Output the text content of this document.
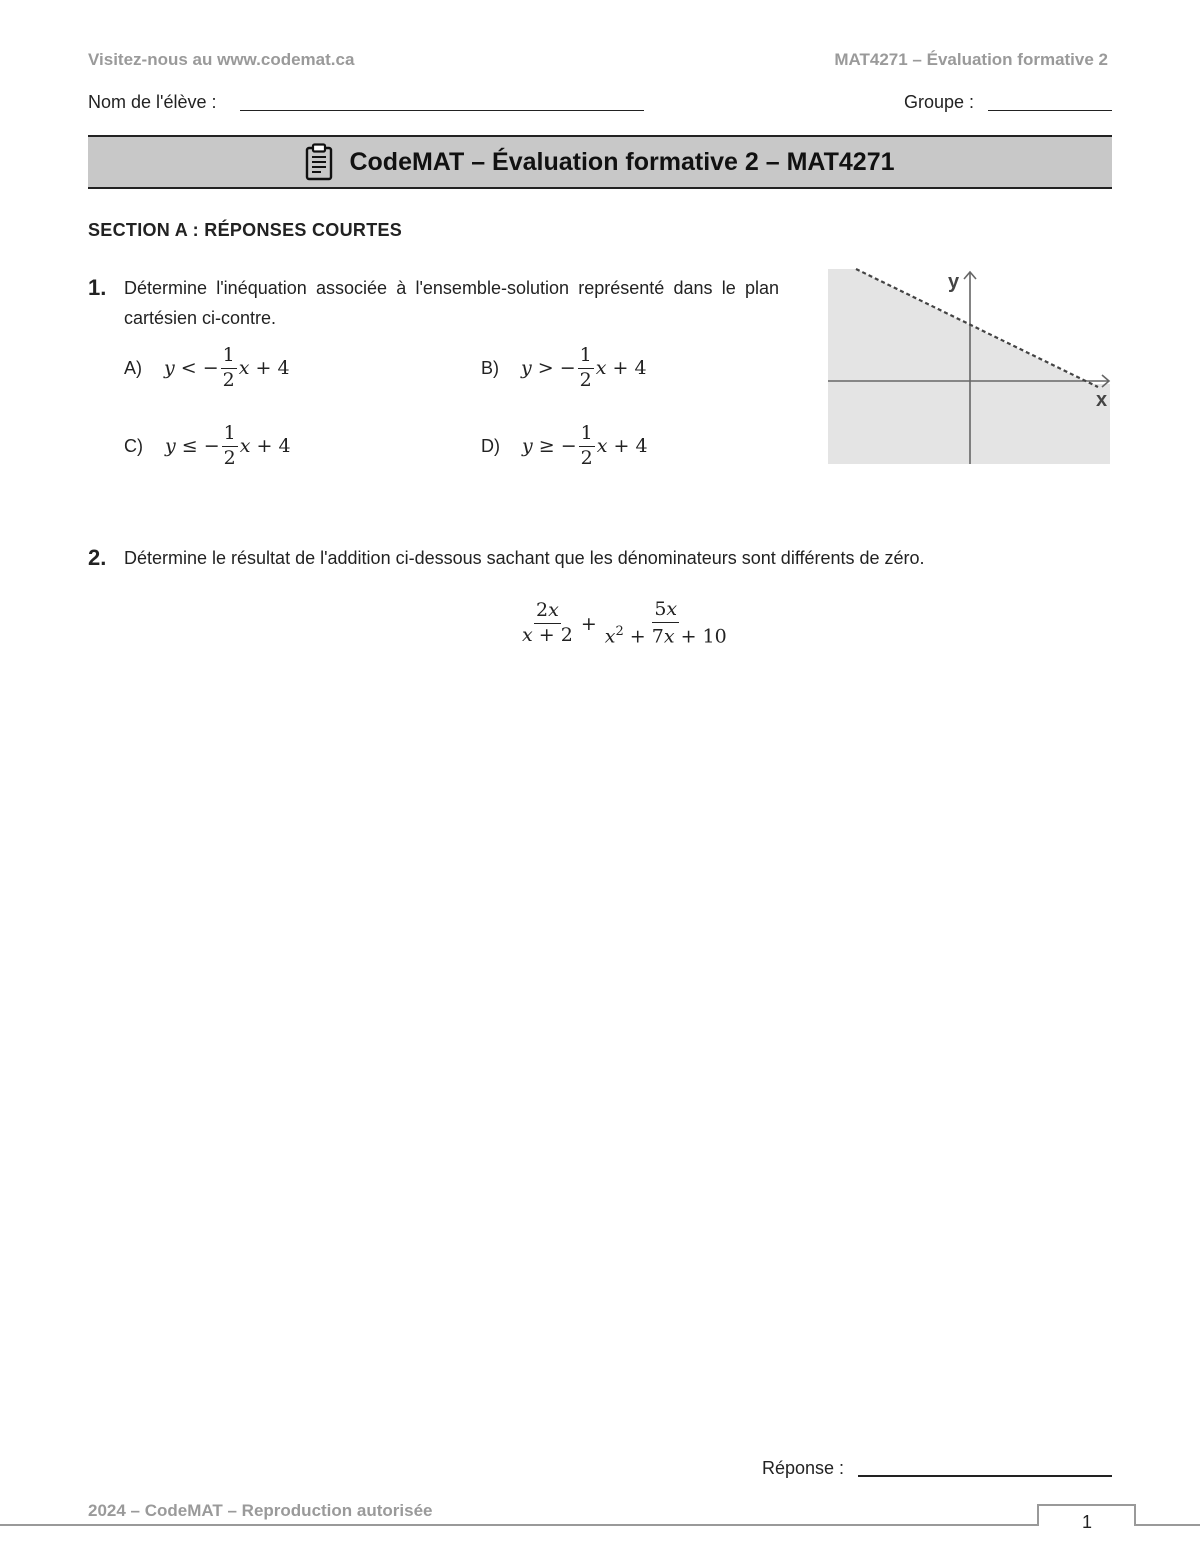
Visitez-nous au www.codemat.ca	MAT4271 – Évaluation formative 2
Nom de l'élève :	Groupe :
CodeMAT – Évaluation formative 2 – MAT4271
SECTION A : RÉPONSES COURTES
1. Détermine l'inéquation associée à l'ensemble-solution représenté dans le plan cartésien ci-contre.
A) y
< − $\frac{1}{2}$ x + 4	B) y
> − $\frac{1}{2}$ x + 4
C) y
≤ − $\frac{1}{2}$ x + 4	D) y
≥ − $\frac{1}{2}$ x + 4
y
x
2. Détermine le résultat de l'addition ci-dessous sachant que les dénominateurs sont différents de zéro.
$\frac{2x}{x + 2} + \frac{5x}{x^2 + 7x + 10}$
Réponse :
2024 – CodeMAT – Reproduction autorisée
1
